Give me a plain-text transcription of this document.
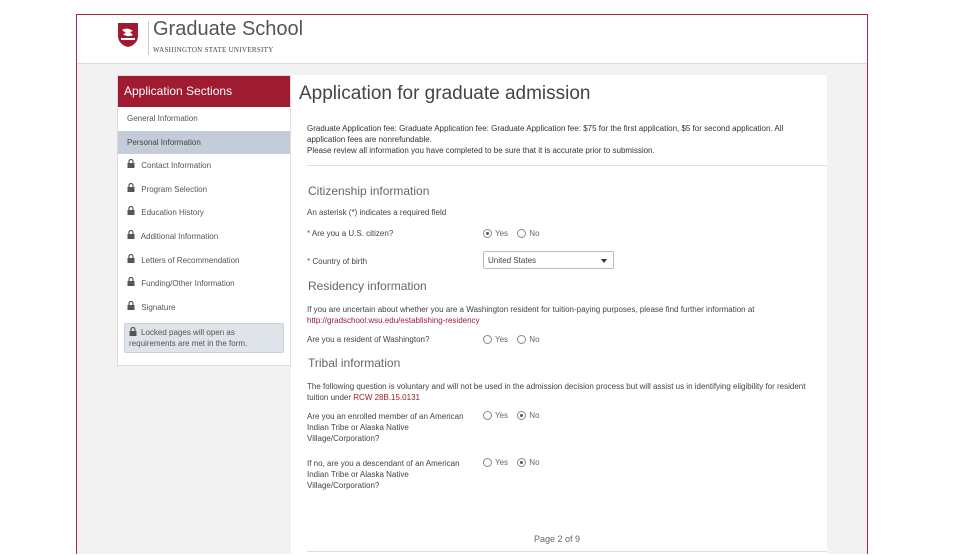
Graduate School
WASHINGTON STATE UNIVERSITY
Application Sections
General Information
Personal Information
Contact Information
Program Selection
Education History
Additional Information
Letters of Recommendation
Funding/Other Information
Signature
Locked pages will open as requirements are met in the form.
Application for graduate admission
Graduate Application fee: Graduate Application fee: Graduate Application fee: $75 for the first application, $5 for second application. All application fees are nonrefundable.
Please review all information you have completed to be sure that it is accurate prior to submission.
Citizenship information
An asterisk (*) indicates a required field
* Are you a U.S. citizen?	Yes	No
* Country of birth	United States
Residency information
If you are uncertain about whether you are a Washington resident for tuition-paying purposes, please find further information at
http://gradschool.wsu.edu/establishing-residency
Are you a resident of Washington?	Yes	No
Tribal information
The following question is voluntary and will not be used in the admission decision process but will assist us in identifying eligibility for resident tuition under RCW 28B.15.0131
Are you an enrolled member of an American Indian Tribe or Alaska Native Village/Corporation?
Yes	No
If no, are you a descendant of an American Indian Tribe or Alaska Native Village/Corporation?
Yes	No
Page 2 of 9
